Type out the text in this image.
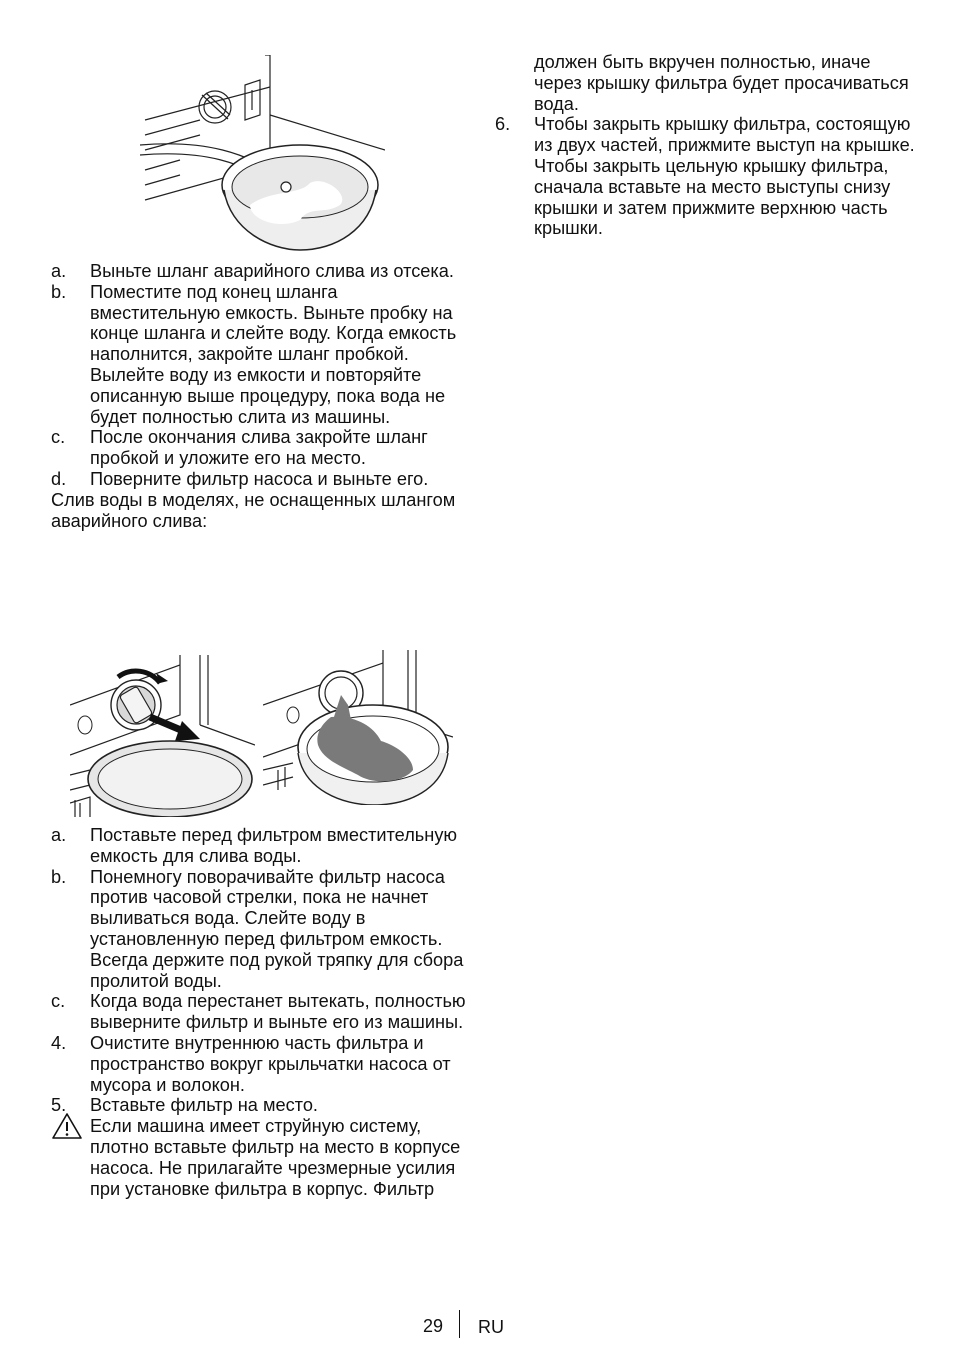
a. Выньте шланг аварийного слива из отсека.
b. Поместите под конец шланга вместительную емкость. Выньте пробку на конце шланга и слейте воду. Когда емкость наполнится, закройте шланг пробкой. Вылейте воду из емкости и повторяйте описанную выше процедуру, пока вода не будет полностью слита из машины.
c. После окончания слива закройте шланг пробкой и уложите его на место.
d. Поверните фильтр насоса и выньте его.
Слив воды в моделях, не оснащенных шлангом аварийного слива:
a. Поставьте перед фильтром вместительную емкость для слива воды.
b. Понемногу поворачивайте фильтр насоса против часовой стрелки, пока не начнет выливаться вода. Слейте воду в установленную перед фильтром емкость. Всегда держите под рукой тряпку для сбора пролитой воды.
c. Когда вода перестанет вытекать, полностью выверните фильтр и выньте его из машины.
4. Очистите внутреннюю часть фильтра и пространство вокруг крыльчатки насоса от мусора и волокон.
5. Вставьте фильтр на место.
Если машина имеет струйную систему, плотно вставьте фильтр на место в корпусе насоса. Не прилагайте чрезмерные усилия при установке фильтра в корпус. Фильтр
должен быть вкручен полностью, иначе через крышку фильтра будет просачиваться вода.
6. Чтобы закрыть крышку фильтра, состоящую из двух частей, прижмите выступ на крышке. Чтобы закрыть цельную крышку фильтра, сначала вставьте на место выступы снизу крышки и затем прижмите верхнюю часть крышки.
29 RU
